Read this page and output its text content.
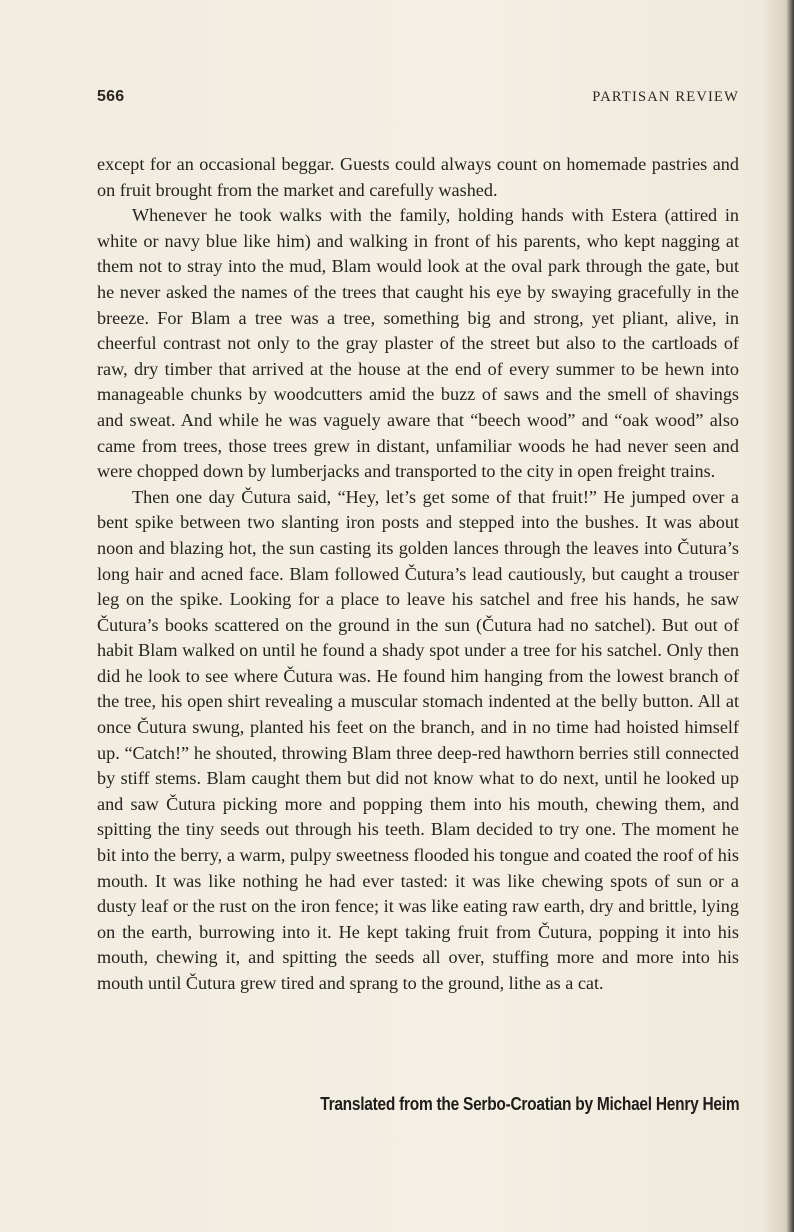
566	PARTISAN REVIEW

except for an occasional beggar. Guests could always count on homemade pastries and on fruit brought from the market and carefully washed.

Whenever he took walks with the family, holding hands with Estera (attired in white or navy blue like him) and walking in front of his parents, who kept nagging at them not to stray into the mud, Blam would look at the oval park through the gate, but he never asked the names of the trees that caught his eye by swaying gracefully in the breeze. For Blam a tree was a tree, something big and strong, yet pliant, alive, in cheerful contrast not only to the gray plaster of the street but also to the cartloads of raw, dry timber that arrived at the house at the end of every summer to be hewn into manageable chunks by woodcutters amid the buzz of saws and the smell of shavings and sweat. And while he was vaguely aware that “beech wood” and “oak wood” also came from trees, those trees grew in distant, unfamiliar woods he had never seen and were chopped down by lumberjacks and transported to the city in open freight trains.

Then one day Čutura said, “Hey, let’s get some of that fruit!” He jumped over a bent spike between two slanting iron posts and stepped into the bushes. It was about noon and blazing hot, the sun casting its golden lances through the leaves into Čutura’s long hair and acned face. Blam followed Čutura’s lead cautiously, but caught a trouser leg on the spike. Looking for a place to leave his satchel and free his hands, he saw Čutura’s books scattered on the ground in the sun (Čutura had no satchel). But out of habit Blam walked on until he found a shady spot under a tree for his satchel. Only then did he look to see where Čutura was. He found him hanging from the lowest branch of the tree, his open shirt revealing a muscular stomach indented at the belly button. All at once Čutura swung, planted his feet on the branch, and in no time had hoisted himself up. “Catch!” he shouted, throwing Blam three deep-red hawthorn berries still connected by stiff stems. Blam caught them but did not know what to do next, until he looked up and saw Čutura picking more and popping them into his mouth, chewing them, and spitting the tiny seeds out through his teeth. Blam decided to try one. The moment he bit into the berry, a warm, pulpy sweetness flooded his tongue and coated the roof of his mouth. It was like nothing he had ever tasted: it was like chewing spots of sun or a dusty leaf or the rust on the iron fence; it was like eating raw earth, dry and brittle, lying on the earth, burrowing into it. He kept taking fruit from Čutura, popping it into his mouth, chewing it, and spitting the seeds all over, stuffing more and more into his mouth until Čutura grew tired and sprang to the ground, lithe as a cat.

Translated from the Serbo-Croatian by Michael Henry Heim
